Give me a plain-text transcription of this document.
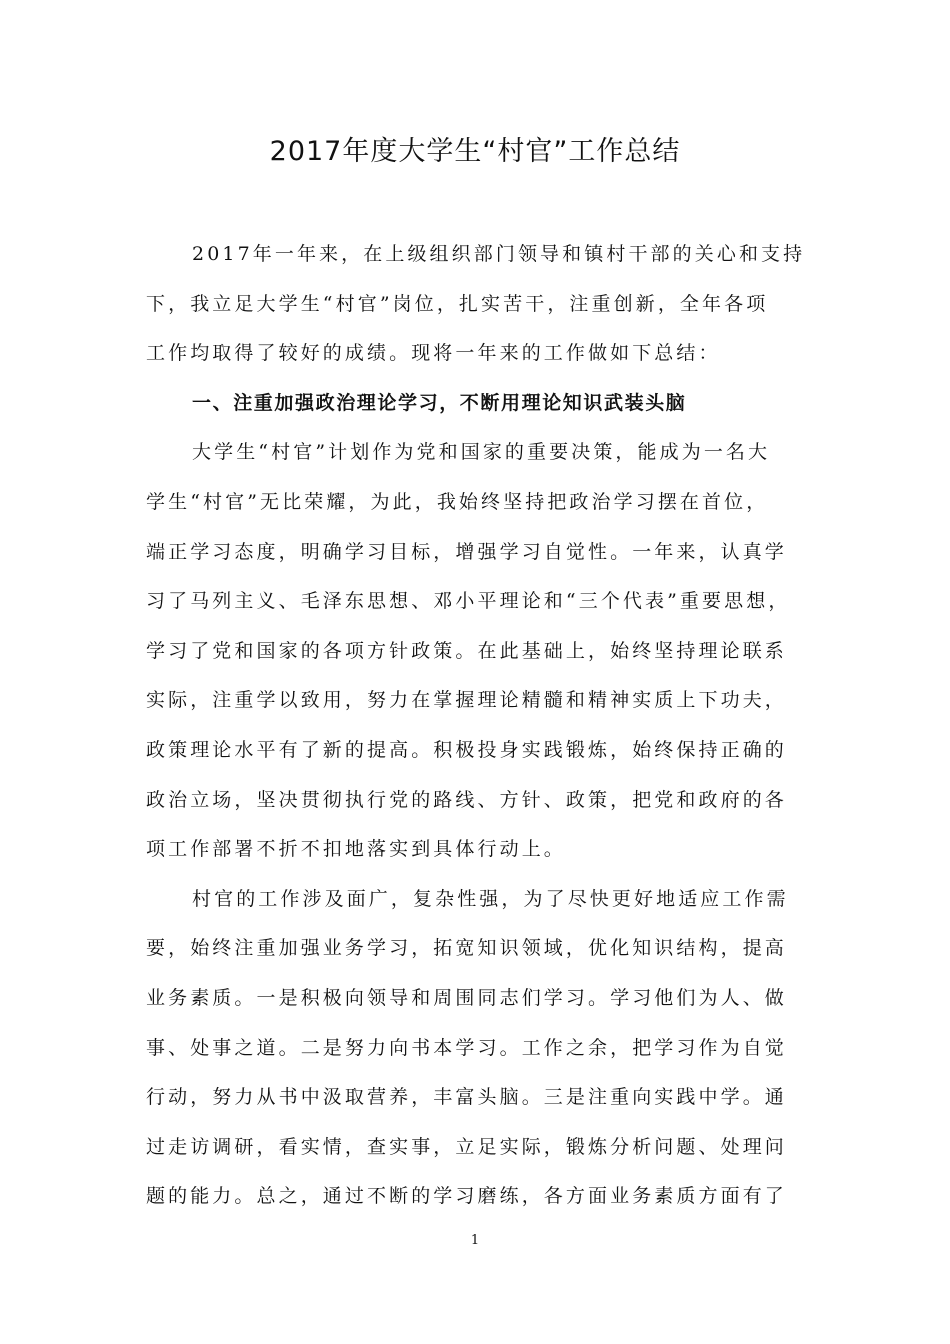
2017年度大学生“村官”工作总结
2017年一年来，在上级组织部门领导和镇村干部的关心和支持
下，我立足大学生“村官”岗位，扎实苦干，注重创新，全年各项
工作均取得了较好的成绩。现将一年来的工作做如下总结：
一、注重加强政治理论学习，不断用理论知识武装头脑
大学生“村官”计划作为党和国家的重要决策，能成为一名大
学生“村官”无比荣耀，为此，我始终坚持把政治学习摆在首位，
端正学习态度，明确学习目标，增强学习自觉性。一年来，认真学
习了马列主义、毛泽东思想、邓小平理论和“三个代表”重要思想，
学习了党和国家的各项方针政策。在此基础上，始终坚持理论联系
实际，注重学以致用，努力在掌握理论精髓和精神实质上下功夫，
政策理论水平有了新的提高。积极投身实践锻炼，始终保持正确的
政治立场，坚决贯彻执行党的路线、方针、政策，把党和政府的各
项工作部署不折不扣地落实到具体行动上。
村官的工作涉及面广，复杂性强，为了尽快更好地适应工作需
要，始终注重加强业务学习，拓宽知识领域，优化知识结构，提高
业务素质。一是积极向领导和周围同志们学习。学习他们为人、做
事、处事之道。二是努力向书本学习。工作之余，把学习作为自觉
行动，努力从书中汲取营养，丰富头脑。三是注重向实践中学。通
过走访调研，看实情，查实事，立足实际，锻炼分析问题、处理问
题的能力。总之，通过不断的学习磨练，各方面业务素质方面有了
1
